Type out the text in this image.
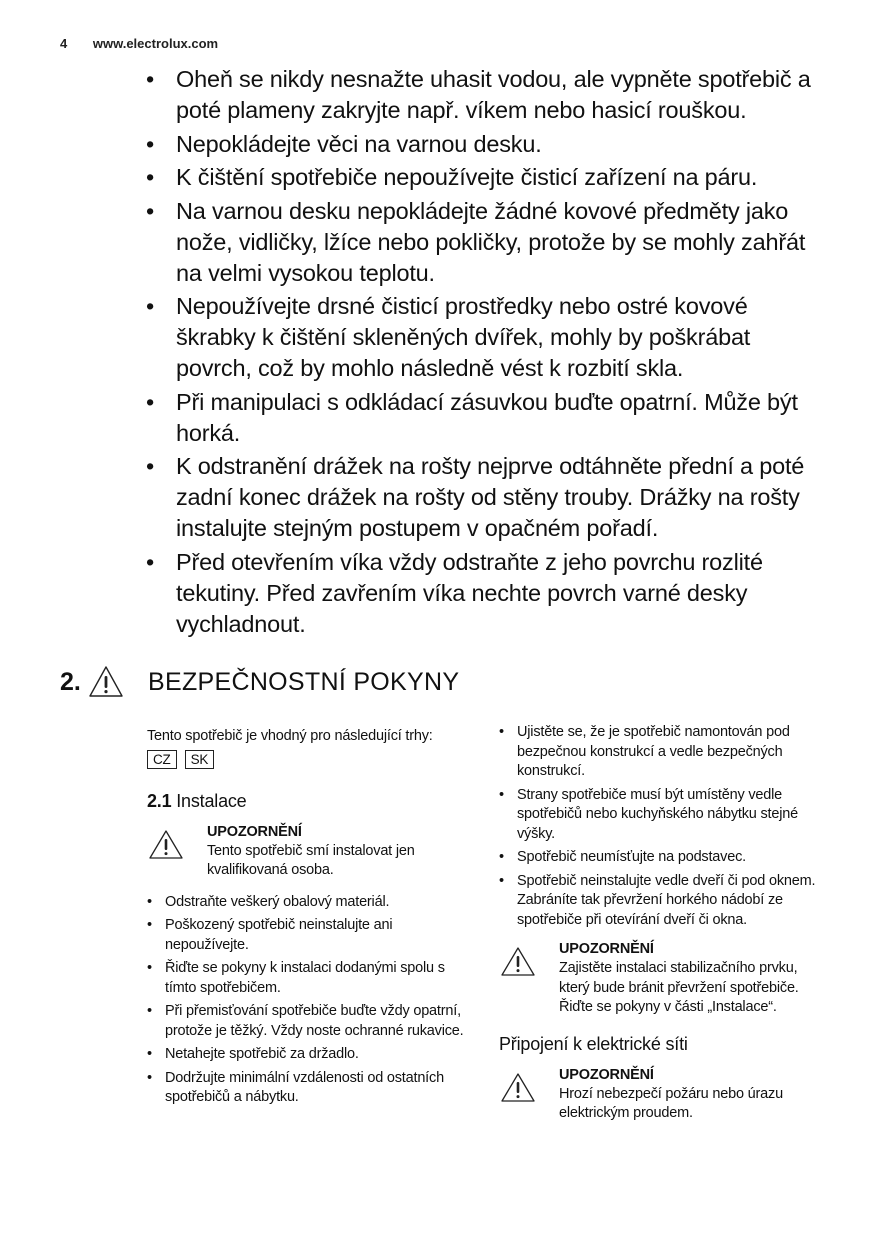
4 www.electrolux.com
• Oheň se nikdy nesnažte uhasit vodou, ale vypněte spotřebič a poté plameny zakryjte např. víkem nebo hasicí rouškou.
• Nepokládejte věci na varnou desku.
• K čištění spotřebiče nepoužívejte čisticí zařízení na páru.
• Na varnou desku nepokládejte žádné kovové předměty jako nože, vidličky, lžíce nebo pokličky, protože by se mohly zahřát na velmi vysokou teplotu.
• Nepoužívejte drsné čisticí prostředky nebo ostré kovové škrabky k čištění skleněných dvířek, mohly by poškrábat povrch, což by mohlo následně vést k rozbití skla.
• Při manipulaci s odkládací zásuvkou buďte opatrní. Může být horká.
• K odstranění drážek na rošty nejprve odtáhněte přední a poté zadní konec drážek na rošty od stěny trouby. Drážky na rošty instalujte stejným postupem v opačném pořadí.
• Před otevřením víka vždy odstraňte z jeho povrchu rozlité tekutiny. Před zavřením víka nechte povrch varné desky vychladnout.
2.	BEZPEČNOSTNÍ POKYNY
Tento spotřebič je vhodný pro následující trhy:
CZ	SK
2.1 Instalace
UPOZORNĚNÍ
Tento spotřebič smí instalovat jen kvalifikovaná osoba.
• Odstraňte veškerý obalový materiál.
• Poškozený spotřebič neinstalujte ani nepoužívejte.
• Řiďte se pokyny k instalaci dodanými spolu s tímto spotřebičem.
• Při přemisťování spotřebiče buďte vždy opatrní, protože je těžký. Vždy noste ochranné rukavice.
• Netahejte spotřebič za držadlo.
• Dodržujte minimální vzdálenosti od ostatních spotřebičů a nábytku.
• Ujistěte se, že je spotřebič namontován pod bezpečnou konstrukcí a vedle bezpečných konstrukcí.
• Strany spotřebiče musí být umístěny vedle spotřebičů nebo kuchyňského nábytku stejné výšky.
• Spotřebič neumísťujte na podstavec.
• Spotřebič neinstalujte vedle dveří či pod oknem. Zabráníte tak převržení horkého nádobí ze spotřebiče při otevírání dveří či okna.
UPOZORNĚNÍ
Zajistěte instalaci stabilizačního prvku, který bude bránit převržení spotřebiče. Řiďte se pokyny v části „Instalace“.
Připojení k elektrické síti
UPOZORNĚNÍ
Hrozí nebezpečí požáru nebo úrazu elektrickým proudem.
